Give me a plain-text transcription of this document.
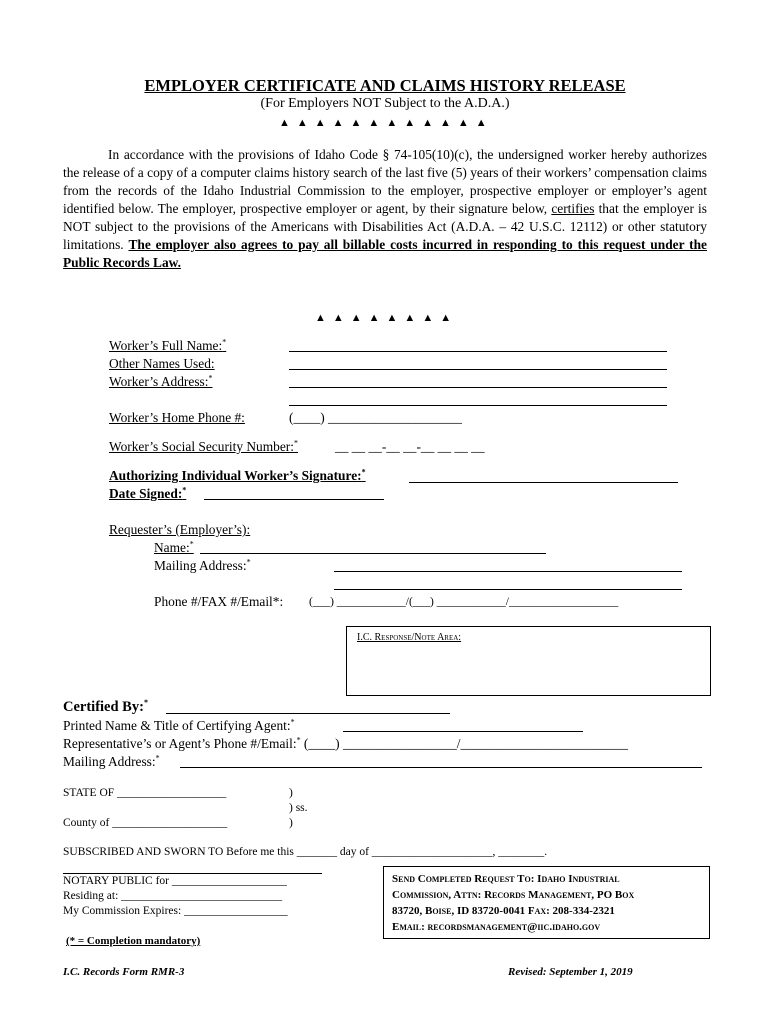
EMPLOYER CERTIFICATE AND CLAIMS HISTORY RELEASE
(For Employers NOT Subject to the A.D.A.)
▲▲▲▲▲▲▲▲▲▲▲▲
In accordance with the provisions of Idaho Code § 74-105(10)(c), the undersigned worker hereby authorizes the release of a copy of a computer claims history search of the last five (5) years of their workers’ compensation claims from the records of the Idaho Industrial Commission to the employer, prospective employer or employer’s agent identified below. The employer, prospective employer or agent, by their signature below, certifies that the employer is NOT subject to the provisions of the Americans with Disabilities Act (A.D.A. – 42 U.S.C. 12112) or other statutory limitations. The employer also agrees to pay all billable costs incurred in responding to this request under the Public Records Law.
▲▲▲▲▲▲▲▲
Worker’s Full Name:*
Other Names Used:
Worker’s Address:*
Worker’s Home Phone #:	(____) ____________________
Worker’s Social Security Number:*	__ __ __-__ __-__ __ __ __
Authorizing Individual Worker’s Signature:*
Date Signed:*
Requester’s (Employer’s):
Name:*
Mailing Address:*
Phone #/FAX #/Email*: (___) ____________/(___) ____________/___________________
I.C. Response/Note Area:
Certified By:*
Printed Name & Title of Certifying Agent:*
Representative’s or Agent’s Phone #/Email:* (____) _________________/_________________________
Mailing Address:*
STATE OF ___________________	)
) ss.
)
County of ____________________
SUBSCRIBED AND SWORN TO Before me this _______ day of _____________________, ________.
NOTARY PUBLIC for ____________________
Residing at: ____________________________
My Commission Expires: __________________
(* = Completion mandatory)
Send Completed Request To: Idaho Industrial
Commission, Attn: Records Management, PO Box
83720, Boise, ID 83720-0041 Fax: 208-334-2321
Email: recordsmanagement@iic.idaho.gov
I.C. Records Form RMR-3	Revised: September 1, 2019
